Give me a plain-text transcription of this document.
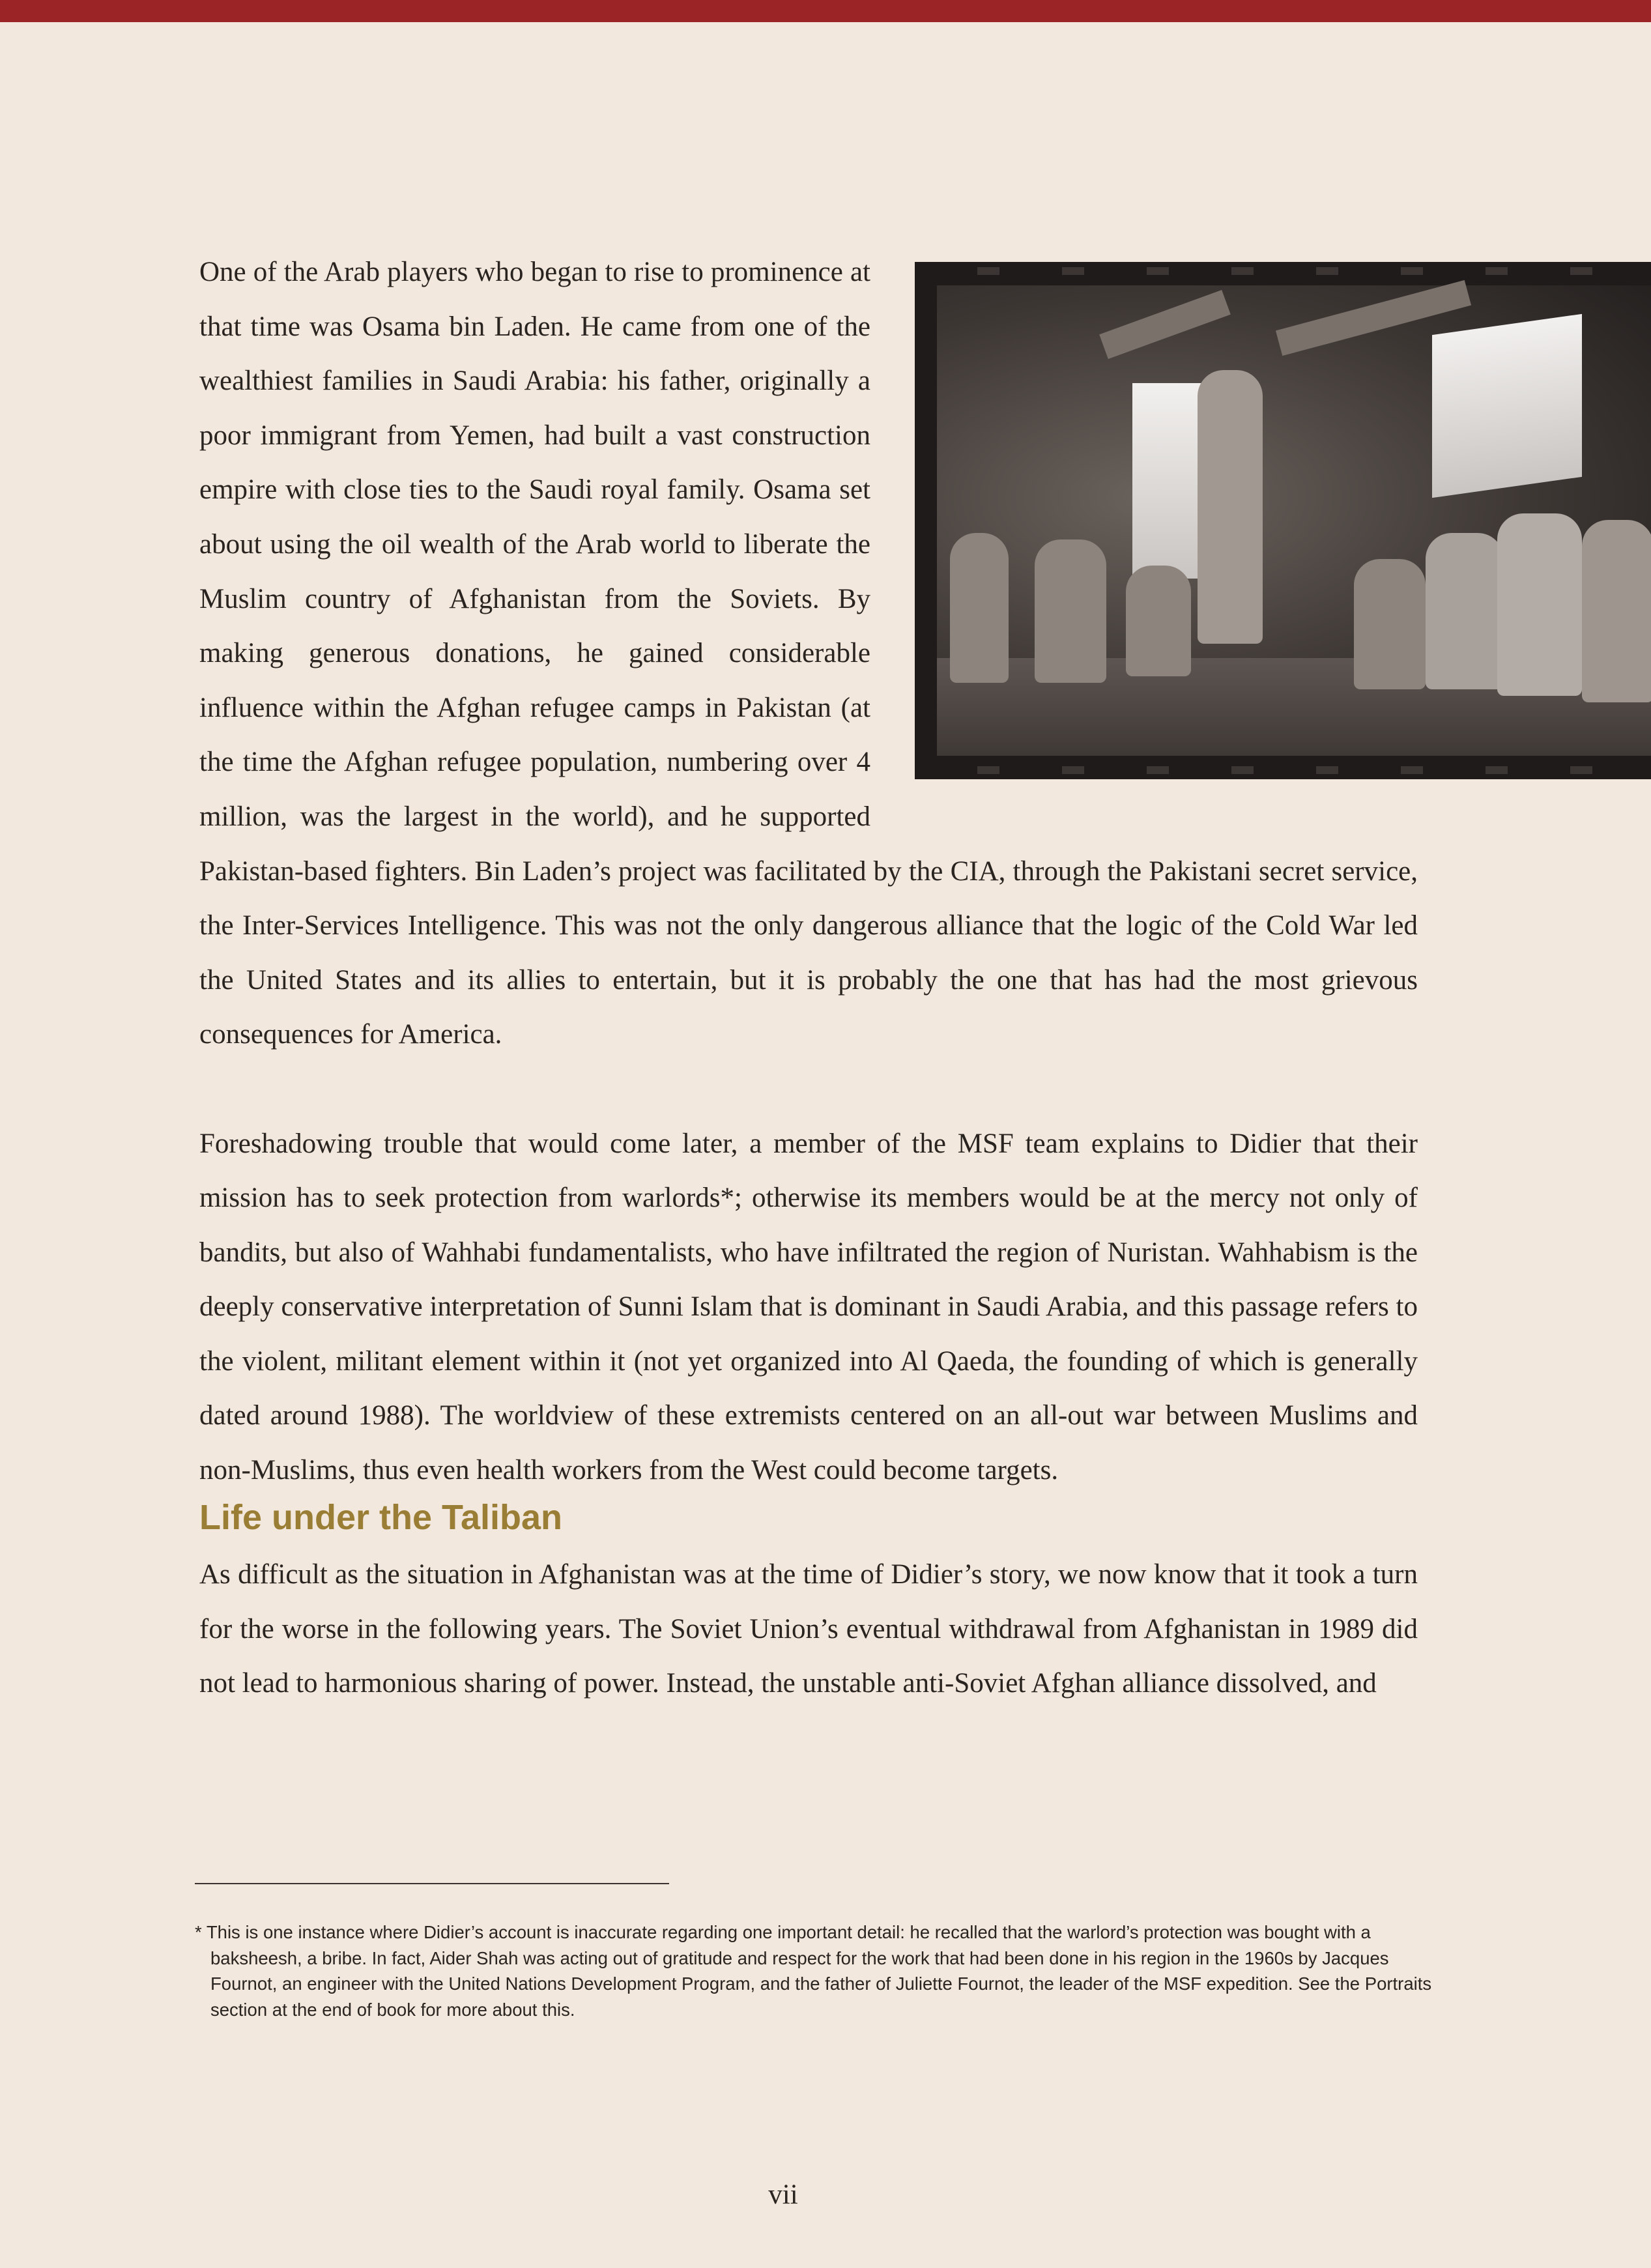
One of the Arab players who began to rise to prominence at that time was Osama bin Laden. He came from one of the wealthiest families in Saudi Arabia: his father, originally a poor immigrant from Yemen, had built a vast construction empire with close ties to the Saudi royal family. Osama set about using the oil wealth of the Arab world to liberate the Muslim country of Afghanistan from the Soviets. By making generous donations, he gained considerable influence within the Afghan refugee camps in Pakistan (at the time the Afghan refugee population, numbering over 4 million, was the largest in the world), and he supported Pakistan-based fighters. Bin Laden’s project was facilitated by the CIA, through the Pakistani secret service, the Inter-Services Intelligence. This was not the only dangerous alliance that the logic of the Cold War led the United States and its allies to entertain, but it is probably the one that has had the most grievous consequences for America.

Foreshadowing trouble that would come later, a member of the MSF team explains to Didier that their mission has to seek protection from warlords*; otherwise its members would be at the mercy not only of bandits, but also of Wahhabi fundamentalists, who have infiltrated the region of Nuristan. Wahhabism is the deeply conservative interpretation of Sunni Islam that is dominant in Saudi Arabia, and this passage refers to the violent, militant element within it (not yet organized into Al Qaeda, the founding of which is generally dated around 1988). The worldview of these extremists centered on an all-out war between Muslims and non-Muslims, thus even health workers from the West could become targets.

Life under the Taliban

As difficult as the situation in Afghanistan was at the time of Didier’s story, we now know that it took a turn for the worse in the following years. The Soviet Union’s eventual withdrawal from Afghanistan in 1989 did not lead to harmonious sharing of power. Instead, the unstable anti-Soviet Afghan alliance dissolved, and

* This is one instance where Didier’s account is inaccurate regarding one important detail: he recalled that the warlord’s protection was bought with a baksheesh, a bribe. In fact, Aider Shah was acting out of gratitude and respect for the work that had been done in his region in the 1960s by Jacques Fournot, an engineer with the United Nations Development Program, and the father of Juliette Fournot, the leader of the MSF expedition. See the Portraits section at the end of book for more about this.

vii
